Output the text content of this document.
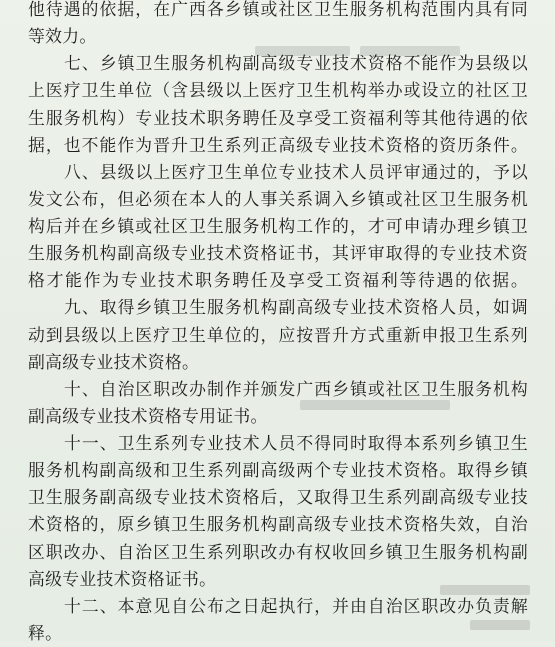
他待遇的依据，在广西各乡镇或社区卫生服务机构范围内具有同
等效力。
七、乡镇卫生服务机构副高级专业技术资格不能作为县级以
上医疗卫生单位（含县级以上医疗卫生机构举办或设立的社区卫
生服务机构）专业技术职务聘任及享受工资福利等其他待遇的依
据，也不能作为晋升卫生系列正高级专业技术资格的资历条件。
八、县级以上医疗卫生单位专业技术人员评审通过的，予以
发文公布，但必须在本人的人事关系调入乡镇或社区卫生服务机
构后并在乡镇或社区卫生服务机构工作的，才可申请办理乡镇卫
生服务机构副高级专业技术资格证书，其评审取得的专业技术资
格才能作为专业技术职务聘任及享受工资福利等待遇的依据。
九、取得乡镇卫生服务机构副高级专业技术资格人员，如调
动到县级以上医疗卫生单位的，应按晋升方式重新申报卫生系列
副高级专业技术资格。
十、自治区职改办制作并颁发广西乡镇或社区卫生服务机构
副高级专业技术资格专用证书。
十一、卫生系列专业技术人员不得同时取得本系列乡镇卫生
服务机构副高级和卫生系列副高级两个专业技术资格。取得乡镇
卫生服务副高级专业技术资格后，又取得卫生系列副高级专业技
术资格的，原乡镇卫生服务机构副高级专业技术资格失效，自治
区职改办、自治区卫生系列职改办有权收回乡镇卫生服务机构副
高级专业技术资格证书。
十二、本意见自公布之日起执行，并由自治区职改办负责解
释。
